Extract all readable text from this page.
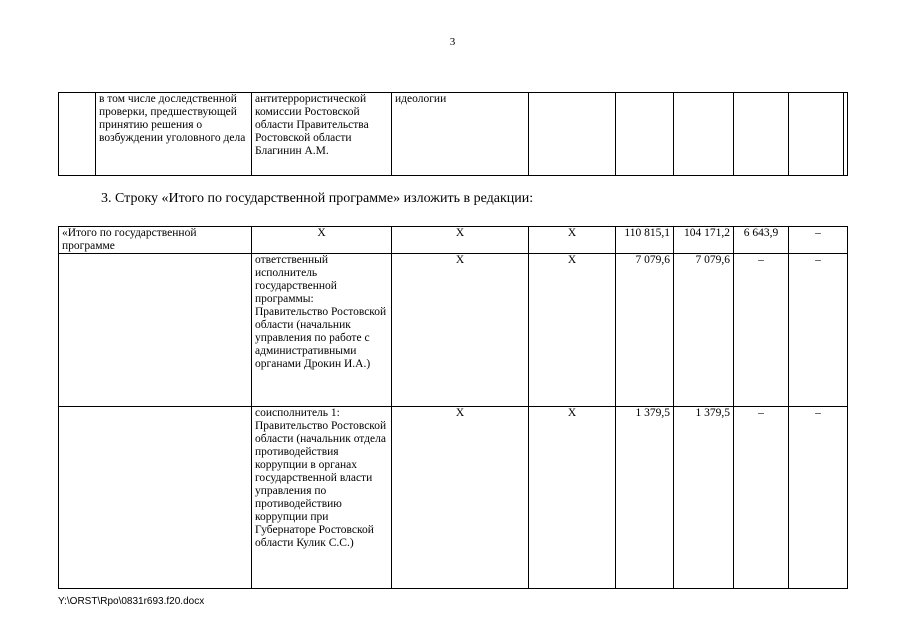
3
	в том числе доследственной проверки, предшествующей принятию решения о возбуждении уголовного дела	антитеррористической комиссии Ростовской области Правительства Ростовской области Благинин А.М.	идеологии						
3. Строку «Итого по государственной программе» изложить в редакции:
«Итого по государственной программе	Х	Х	Х	110 815,1	104 171,2	6 643,9	–
	ответственный исполнитель государственной программы: Правительство Ростовской области (начальник управления по работе с административными органами Дрокин И.А.)	Х	Х	7 079,6	7 079,6	–	–
	соисполнитель 1: Правительство Ростовской области (начальник отдела противодействия коррупции в органах государственной власти управления по противодействию коррупции при Губернаторе Ростовской области Кулик С.С.)	Х	Х	1 379,5	1 379,5	–	–
Y:\ORST\Rpo\0831r693.f20.docx
